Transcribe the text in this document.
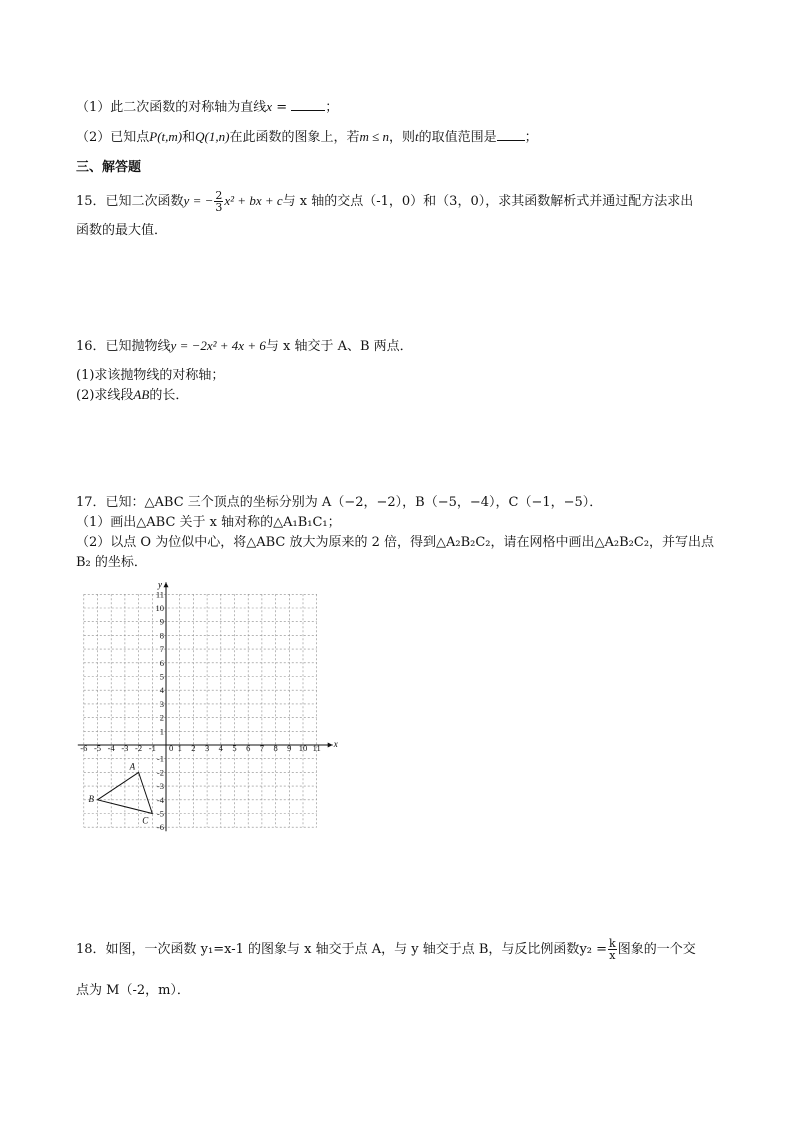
（1）此二次函数的对称轴为直线x =	；
（2）已知点P(t,m)和Q(1,n)在此函数的图象上，若m ≤ n，则t的取值范围是 ；
三、解答题
15．已知二次函数y = − $\frac{2}{3} x^2$ + bx + c与 x 轴的交点（-1，0）和（3，0），求其函数解析式并通过配方法求出
函数的最大值．
16．已知抛物线y = −2x² + 4x + 6与 x 轴交于 A、B 两点．
(1)求该抛物线的对称轴；
(2)求线段AB的长．
17．已知：△ABC 三个顶点的坐标分别为 A（−2，−2），B（−5，−4），C（−1，−5）．
（1）画出△ABC 关于 x 轴对称的△A₁B₁C₁；
（2）以点 O 为位似中心，将△ABC 放大为原来的 2 倍，得到△A₂B₂C₂，请在网格中画出△A₂B₂C₂，并写出点
B₂ 的坐标．
x
y
-6 -5 -4 -3 -2 -1	1 2 3 4 5 6 7 8 9 10 11
11
10
9
8
7
6
5
4
3
2
1
-1
-2
-3
-4
-5
-6
0
A
B
C
18．如图，一次函数 y₁=x-1 的图象与 x 轴交于点 A，与 y 轴交于点 B，与反比例函数$y_2 = \frac{k}{x}$ 图象的一个交
点为 M（-2，m）．
